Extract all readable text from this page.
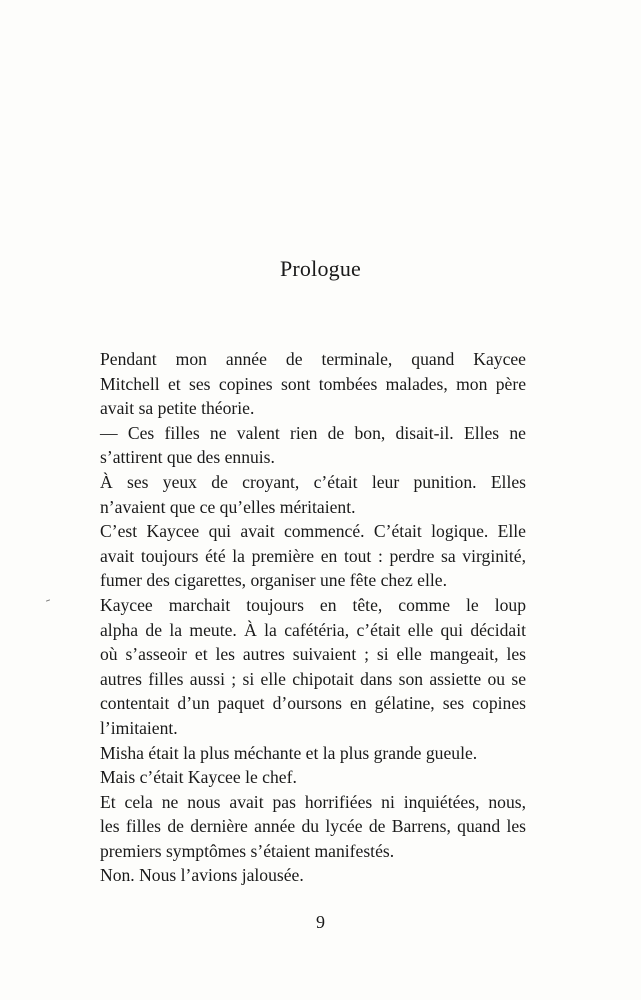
Prologue

Pendant mon année de terminale, quand Kaycee
Mitchell et ses copines sont tombées malades, mon père
avait sa petite théorie.

— Ces filles ne valent rien de bon, disait-il. Elles ne
s’attirent que des ennuis.

À ses yeux de croyant, c’était leur punition. Elles
n’avaient que ce qu’elles méritaient.

C’est Kaycee qui avait commencé. C’était logique. Elle
avait toujours été la première en tout : perdre sa virginité,
fumer des cigarettes, organiser une fête chez elle.

Kaycee marchait toujours en tête, comme le loup
alpha de la meute. À la cafétéria, c’était elle qui décidait
où s’asseoir et les autres suivaient ; si elle mangeait, les
autres filles aussi ; si elle chipotait dans son assiette ou se
contentait d’un paquet d’oursons en gélatine, ses copines
l’imitaient.

Misha était la plus méchante et la plus grande gueule.

Mais c’était Kaycee le chef.

Et cela ne nous avait pas horrifiées ni inquiétées, nous,
les filles de dernière année du lycée de Barrens, quand les
premiers symptômes s’étaient manifestés.

Non. Nous l’avions jalousée.

9
